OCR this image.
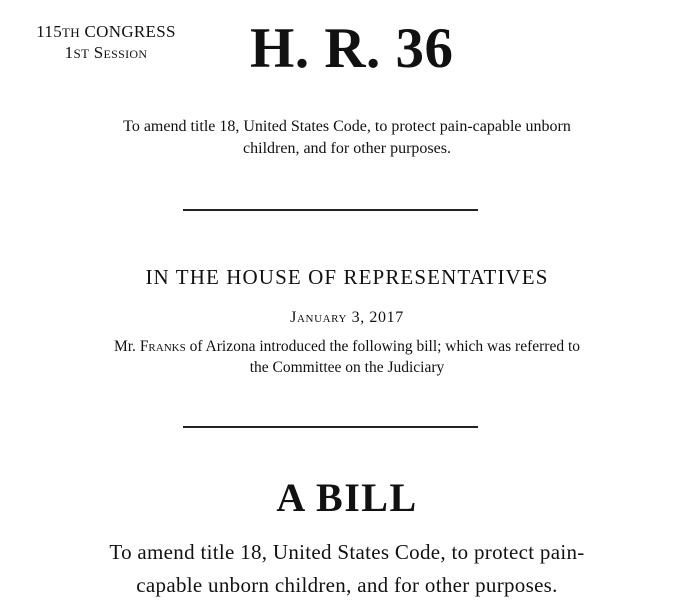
115TH CONGRESS
1ST Session	H. R. 36
To amend title 18, United States Code, to protect pain-capable unborn
children, and for other purposes.
IN THE HOUSE OF REPRESENTATIVES
January 3, 2017
Mr. Franks of Arizona introduced the following bill; which was referred to
the Committee on the Judiciary
A BILL
To amend title 18, United States Code, to protect pain-
capable unborn children, and for other purposes.
